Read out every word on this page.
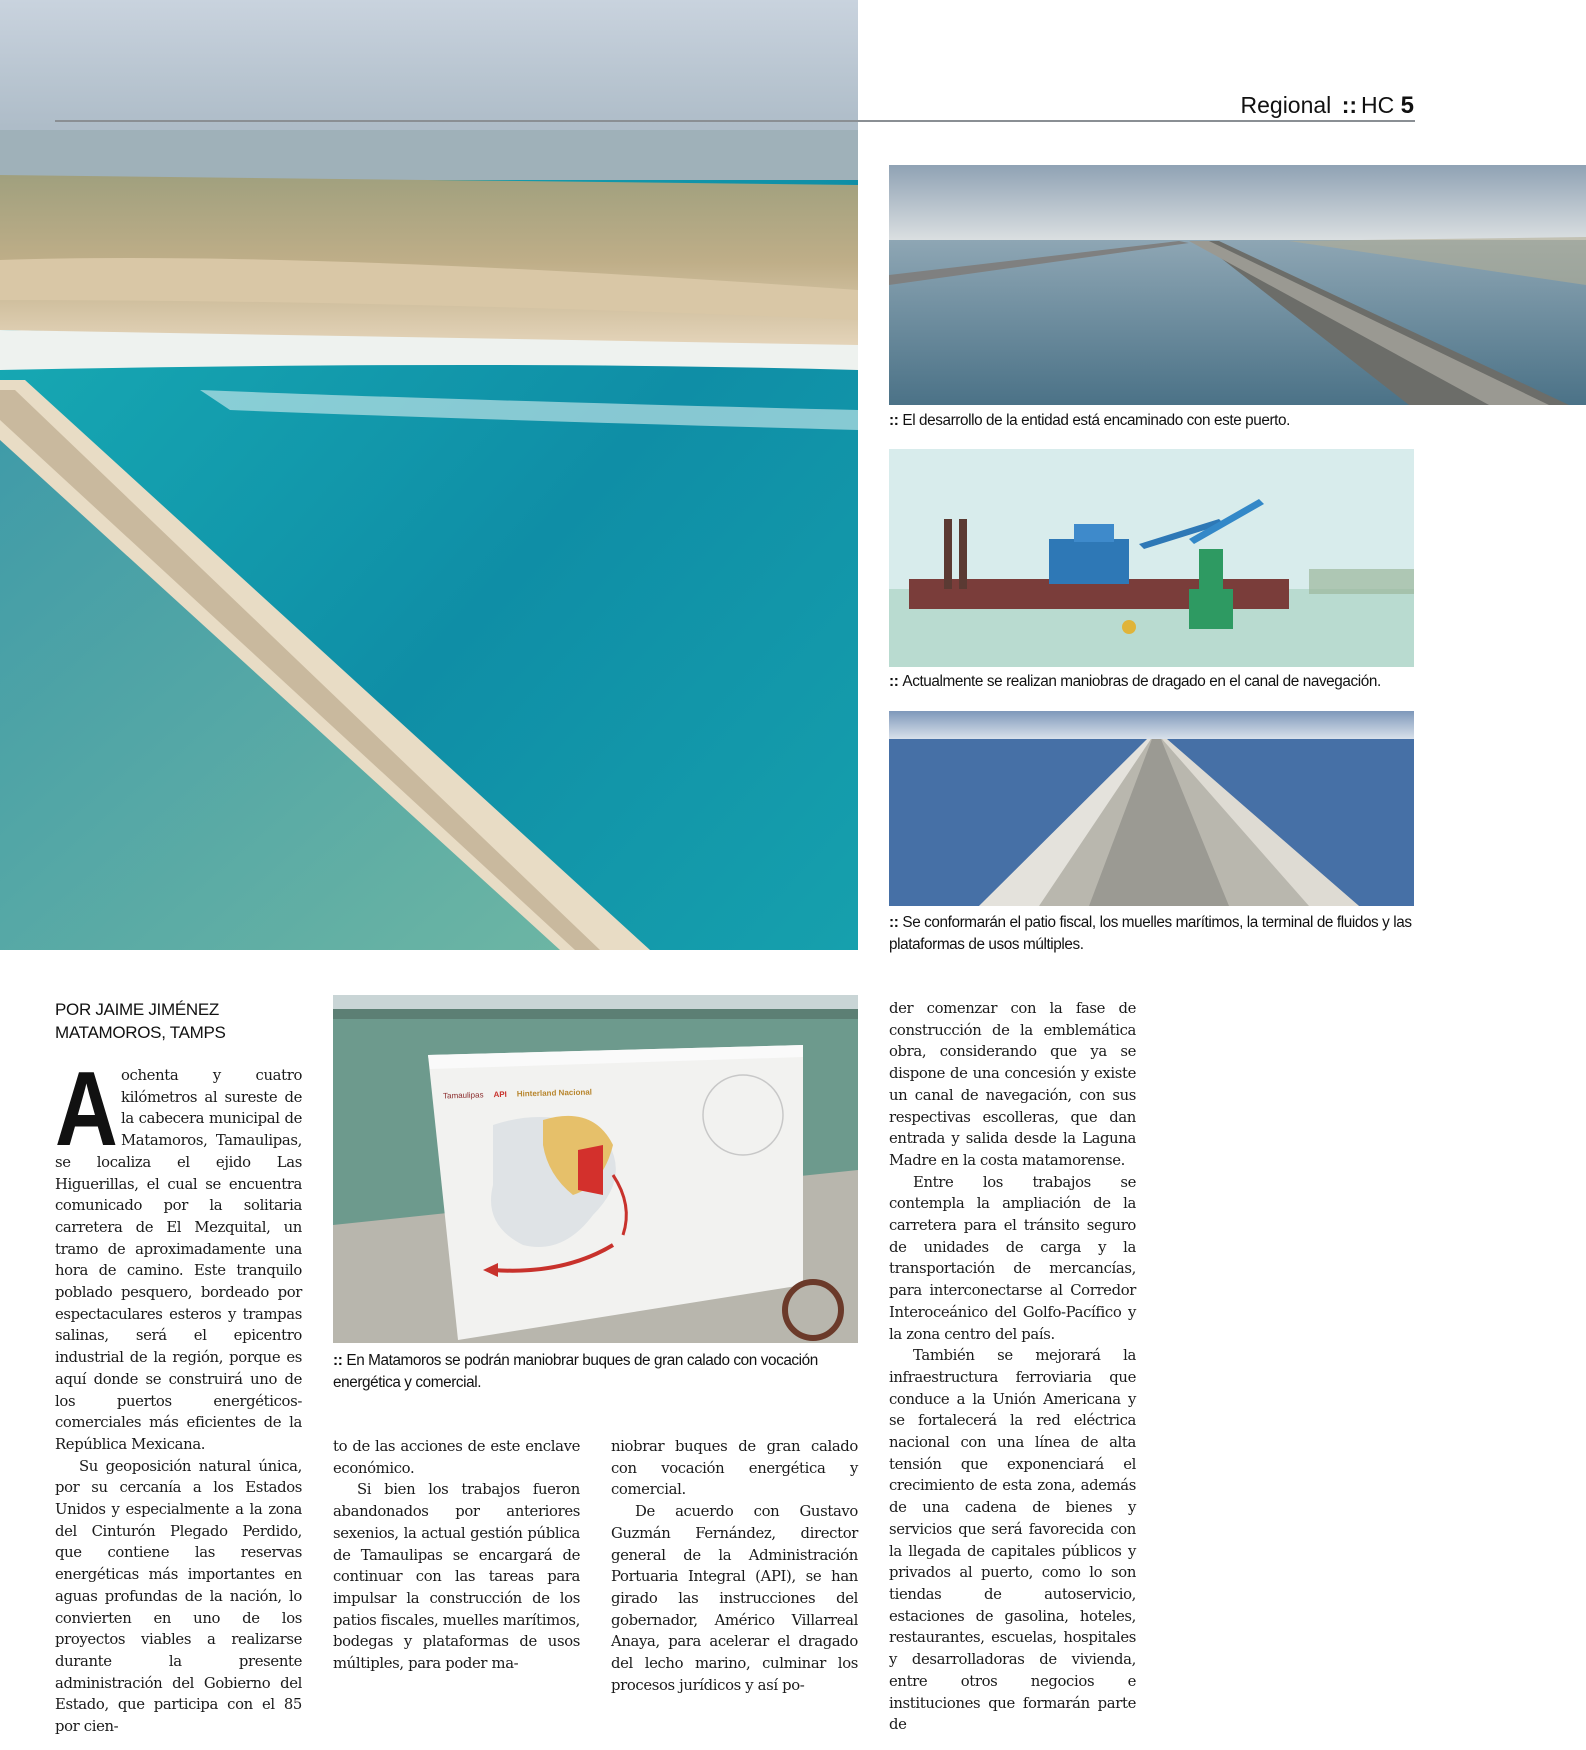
Regional :: HC 5
:: El desarrollo de la entidad está encaminado con este puerto.
:: Actualmente se realizan maniobras de dragado en el canal de navegación.
:: Se conformarán el patio fiscal, los muelles marítimos, la terminal de fluidos y las plataformas de usos múltiples.
Tamaulipas API Hinterland Nacional
:: En Matamoros se podrán maniobrar buques de gran calado con vocación energética y comercial.
POR JAIME JIMÉNEZ
MATAMOROS, TAMPS

Aochenta y cuatro kilómetros al sureste de la cabecera municipal de Matamoros, Tamaulipas, se localiza el ejido Las Higuerillas, el cual se encuentra comunicado por la solitaria carretera de El Mezquital, un tramo de aproximadamente una hora de camino. Este tranquilo poblado pesquero, bordeado por espectaculares esteros y trampas salinas, será el epicentro industrial de la región, porque es aquí donde se construirá uno de los puertos energéticos-comerciales más eficientes de la República Mexicana.

Su geoposición natural única, por su cercanía a los Estados Unidos y especialmente a la zona del Cinturón Plegado Perdido, que contiene las reservas energéticas más importantes en aguas profundas de la nación, lo convierten en uno de los proyectos viables a realizarse durante la presente administración del Gobierno del Estado, que participa con el 85 por cien-

to de las acciones de este enclave económico.

Si bien los trabajos fueron abandonados por anteriores sexenios, la actual gestión pública de Tamaulipas se encargará de continuar con las tareas para impulsar la construcción de los patios fiscales, muelles marítimos, bodegas y plataformas de usos múltiples, para poder ma-

niobrar buques de gran calado con vocación energética y comercial.

De acuerdo con Gustavo Guzmán Fernández, director general de la Administración Portuaria Integral (API), se han girado las instrucciones del gobernador, Américo Villarreal Anaya, para acelerar el dragado del lecho marino, culminar los procesos jurídicos y así po-

der comenzar con la fase de construcción de la emblemática obra, considerando que ya se dispone de una concesión y existe un canal de navegación, con sus respectivas escolleras, que dan entrada y salida desde la Laguna Madre en la costa matamorense.

Entre los trabajos se contempla la ampliación de la carretera para el tránsito seguro de unidades de carga y la transportación de mercancías, para interconectarse al Corredor Interoceánico del Golfo-Pacífico y la zona centro del país.

También se mejorará la infraestructura ferroviaria que conduce a la Unión Americana y se fortalecerá la red eléctrica nacional con una línea de alta tensión que exponenciará el crecimiento de esta zona, además de una cadena de bienes y servicios que será favorecida con la llegada de capitales públicos y privados al puerto, como lo son tiendas de autoservicio, estaciones de gasolina, hoteles, restaurantes, escuelas, hospitales y desarrolladoras de vivienda, entre otros negocios e instituciones que formarán parte de
